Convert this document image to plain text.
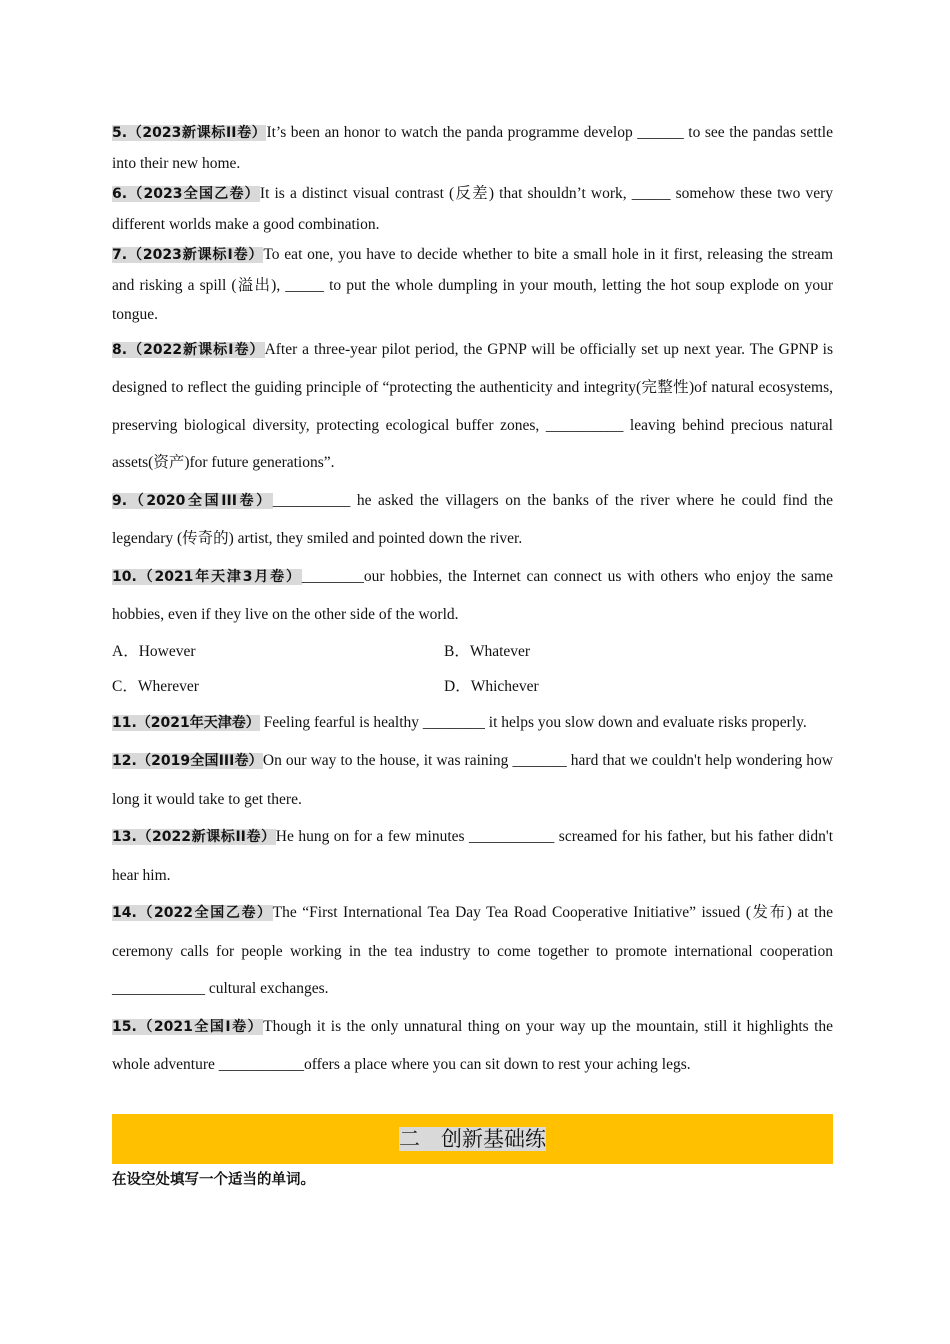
5.（2023新课标II卷）It’s been an honor to watch the panda programme develop ______ to see the pandas settle into their new home.

6.（2023全国乙卷）It is a distinct visual contrast (反差) that shouldn’t work, _____ somehow these two very different worlds make a good combination.

7.（2023新课标I卷）To eat one, you have to decide whether to bite a small hole in it first, releasing the stream and risking a spill (溢出), _____ to put the whole dumpling in your mouth, letting the hot soup explode on your tongue.

8.（2022新课标I卷）After a three-year pilot period, the GPNP will be officially set up next year. The GPNP is designed to reflect the guiding principle of “protecting the authenticity and integrity(完整性)of natural ecosystems, preserving biological diversity, protecting ecological buffer zones, __________ leaving behind precious natural assets(资产)for future generations”.

9.（2020全国III卷）__________ he asked the villagers on the banks of the river where he could find the legendary (传奇的) artist, they smiled and pointed down the river.

10.（2021年天津3月卷）________our hobbies, the Internet can connect us with others who enjoy the same hobbies, even if they live on the other side of the world.

A．However	B．Whatever
C．Wherever	D．Whichever

11.（2021年天津卷） Feeling fearful is healthy ________ it helps you slow down and evaluate risks properly.

12.（2019全国III卷）On our way to the house, it was raining _______ hard that we couldn't help wondering how long it would take to get there.

13.（2022新课标II卷）He hung on for a few minutes ___________ screamed for his father, but his father didn't hear him.

14.（2022全国乙卷）The “First International Tea Day Tea Road Cooperative Initiative” issued (发布) at the ceremony calls for people working in the tea industry to come together to promote international cooperation ____________ cultural exchanges.

15.（2021全国I卷）Though it is the only unnatural thing on your way up the mountain, still it highlights the whole adventure ___________offers a place where you can sit down to rest your aching legs.

二　创新基础练
在设空处填写一个适当的单词。
